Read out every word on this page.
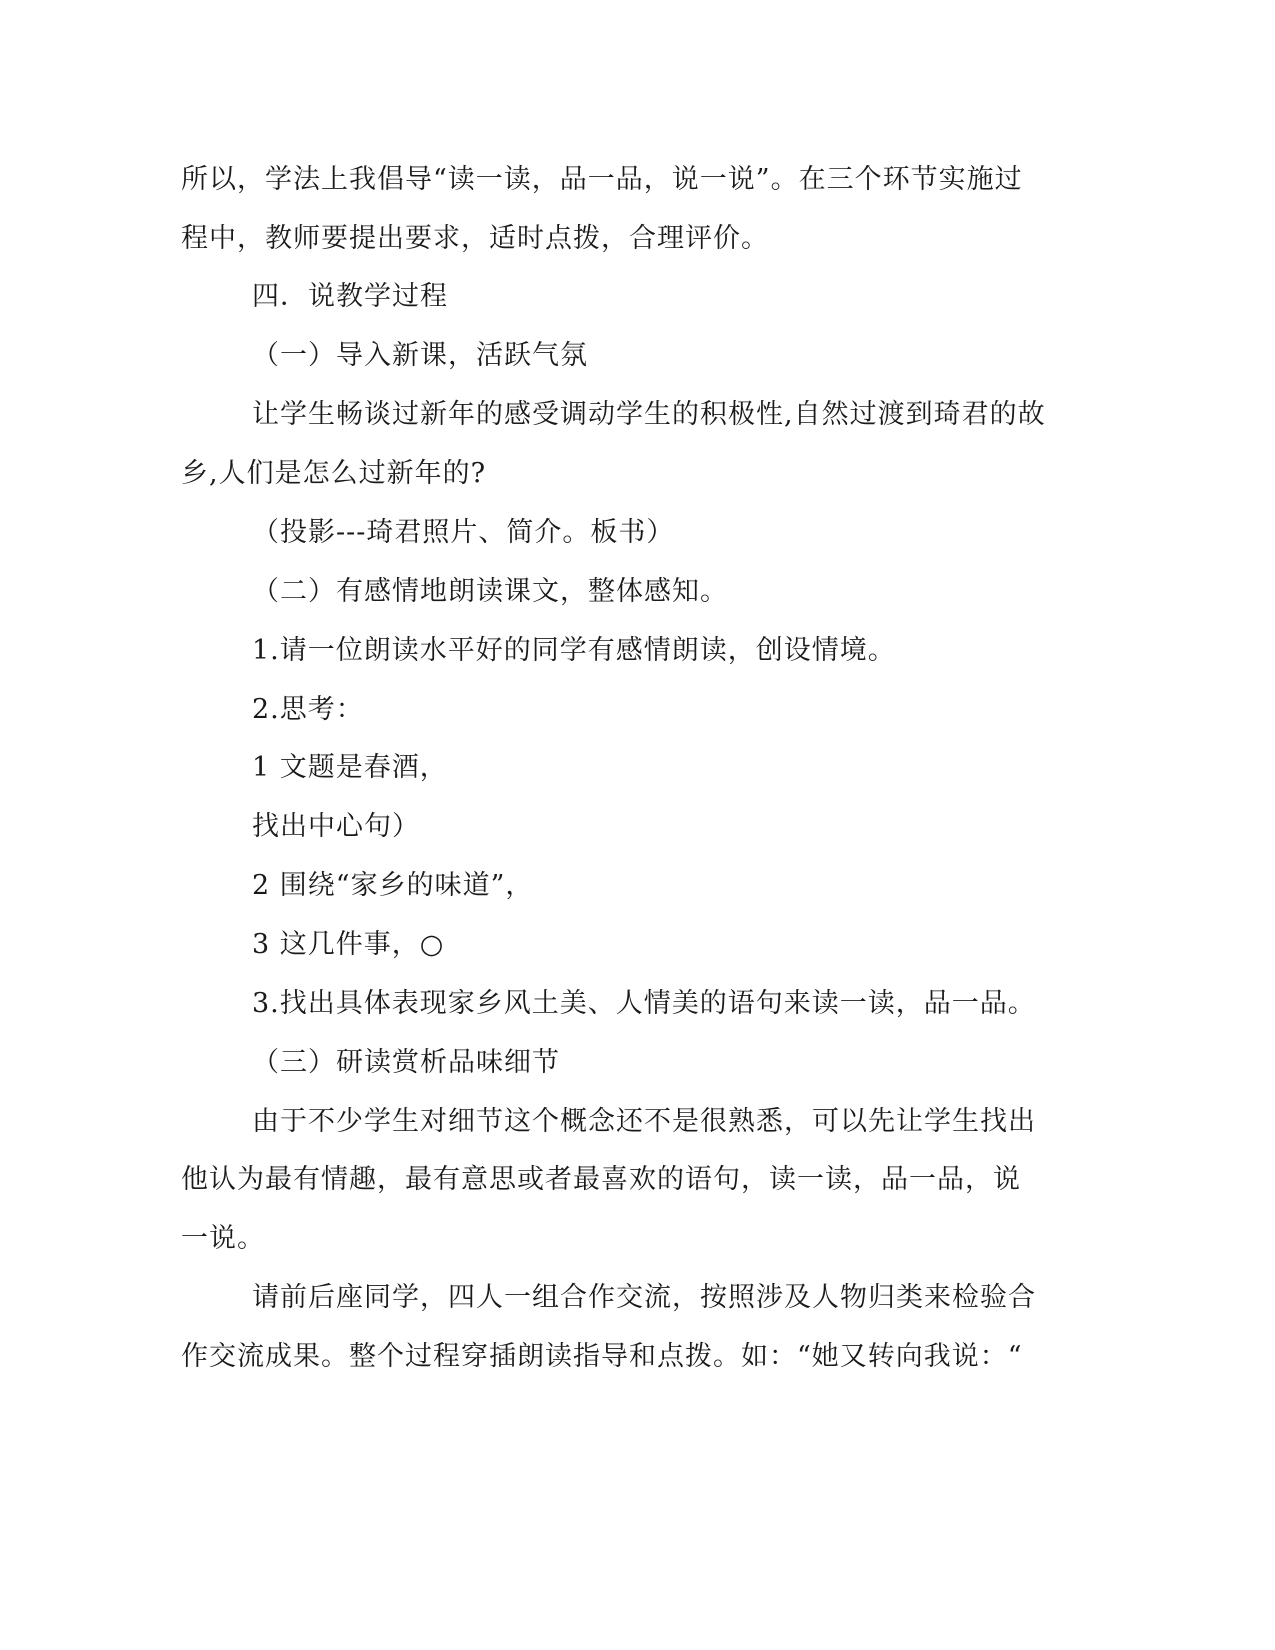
所以，学法上我倡导“读一读，品一品，说一说”。在三个环节实施过
程中，教师要提出要求，适时点拨，合理评价。
四．说教学过程
（一）导入新课，活跃气氛
让学生畅谈过新年的感受调动学生的积极性,自然过渡到琦君的故
乡,人们是怎么过新年的?
（投影---琦君照片、简介。板书）
（二）有感情地朗读课文，整体感知。
1.请一位朗读水平好的同学有感情朗读，创设情境。
2.思考：
1 文题是春酒，
找出中心句）
2 围绕“家乡的味道”，
3 这几件事，○
3.找出具体表现家乡风土美、人情美的语句来读一读，品一品。
（三）研读赏析品味细节
由于不少学生对细节这个概念还不是很熟悉，可以先让学生找出
他认为最有情趣，最有意思或者最喜欢的语句，读一读，品一品，说
一说。
请前后座同学，四人一组合作交流，按照涉及人物归类来检验合
作交流成果。整个过程穿插朗读指导和点拨。如：“她又转向我说：“
